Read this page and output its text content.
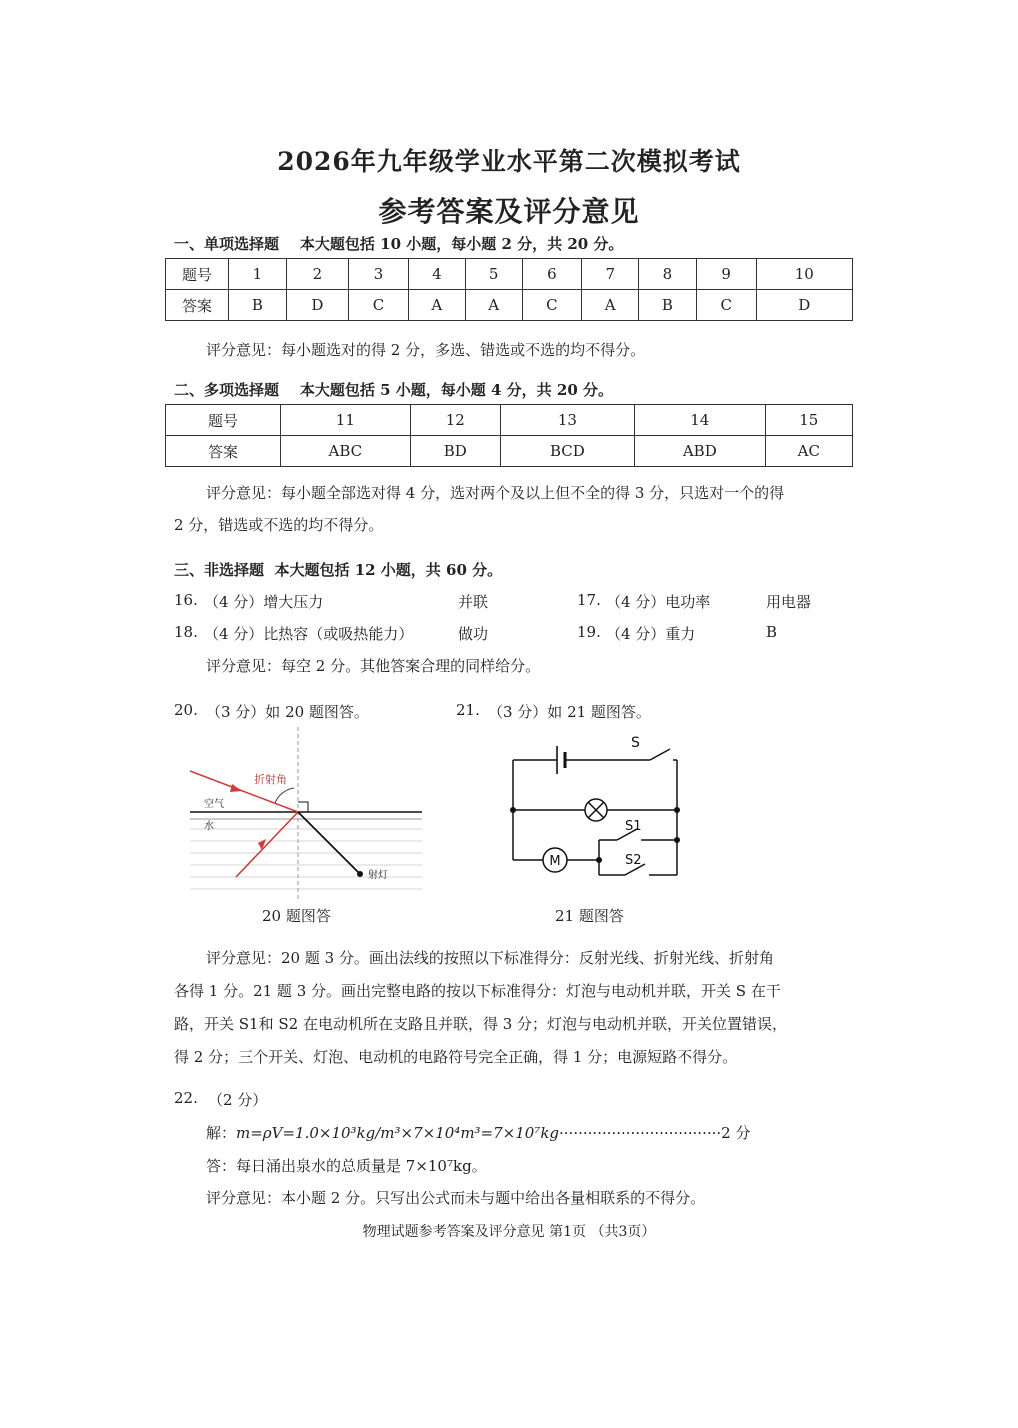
2026年九年级学业水平第二次模拟考试
参考答案及评分意见
一、单项选择题 本大题包括 10 小题，每小题 2 分，共 20 分。
题号	1	2	3	4	5	6	7	8	9	10
答案	B	D	C	A	A	C	A	B	C	D
评分意见：每小题选对的得 2 分，多选、错选或不选的均不得分。
二、多项选择题 本大题包括 5 小题，每小题 4 分，共 20 分。
题号	11	12	13	14	15
答案	ABC	BD	BCD	ABD	AC
评分意见：每小题全部选对得 4 分，选对两个及以上但不全的得 3 分，只选对一个的得
2 分，错选或不选的均不得分。
三、非选择题 本大题包括 12 小题，共 60 分。
16. （4 分）增大压力	并联	17. （4 分）电功率	用电器
18. （4 分）比热容（或吸热能力）	做功	19. （4 分）重力	B
评分意见：每空 2 分。其他答案合理的同样给分。
20. （3 分）如 20 题图答。	21. （3 分）如 21 题图答。
折射角
空气
水
射灯
20 题图答
M
S
S1
S2
21 题图答
评分意见：20 题 3 分。画出法线的按照以下标准得分：反射光线、折射光线、折射角
各得 1 分。21 题 3 分。画出完整电路的按以下标准得分：灯泡与电动机并联，开关 S 在干
路，开关 S1和 S2 在电动机所在支路且并联，得 3 分；灯泡与电动机并联，开关位置错误，
得 2 分；三个开关、灯泡、电动机的电路符号完全正确，得 1 分；电源短路不得分。
22. （2 分）
解：m=ρV=1.0×10³kg/m³×7×10⁴m³=7×10⁷kg··································2 分
答：每日涌出泉水的总质量是 7×10⁷kg。
评分意见：本小题 2 分。只写出公式而未与题中给出各量相联系的不得分。
物理试题参考答案及评分意见 第1页 （共3页）
